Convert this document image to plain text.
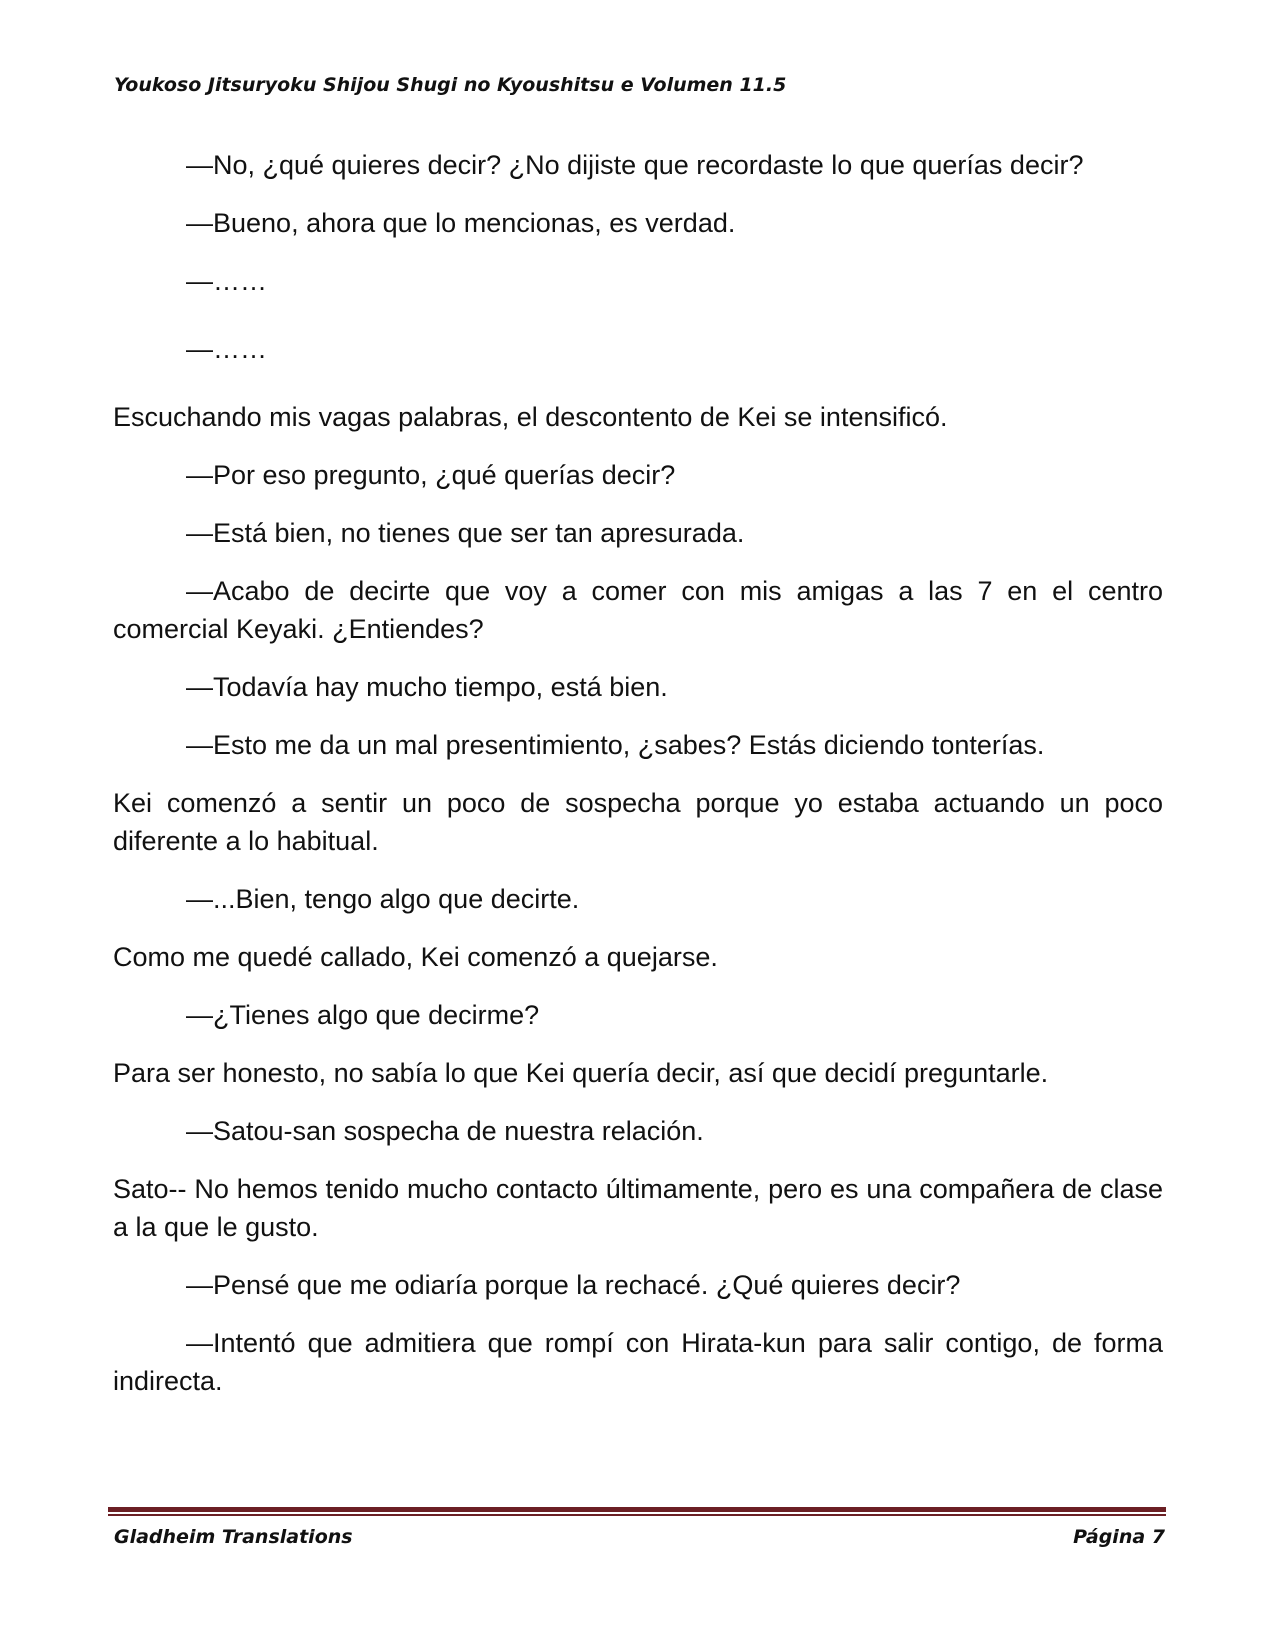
Youkoso Jitsuryoku Shijou Shugi no Kyoushitsu e Volumen 11.5

—No, ¿qué quieres decir? ¿No dijiste que recordaste lo que querías decir?

—Bueno, ahora que lo mencionas, es verdad.

—……

—……

Escuchando mis vagas palabras, el descontento de Kei se intensificó.

—Por eso pregunto, ¿qué querías decir?

—Está bien, no tienes que ser tan apresurada.

—Acabo de decirte que voy a comer con mis amigas a las 7 en el centro comercial Keyaki. ¿Entiendes?

—Todavía hay mucho tiempo, está bien.

—Esto me da un mal presentimiento, ¿sabes? Estás diciendo tonterías.

Kei comenzó a sentir un poco de sospecha porque yo estaba actuando un poco diferente a lo habitual.

—...Bien, tengo algo que decirte.

Como me quedé callado, Kei comenzó a quejarse.

—¿Tienes algo que decirme?

Para ser honesto, no sabía lo que Kei quería decir, así que decidí preguntarle.

—Satou-san sospecha de nuestra relación.

Sato-- No hemos tenido mucho contacto últimamente, pero es una compañera de clase a la que le gusto.

—Pensé que me odiaría porque la rechacé. ¿Qué quieres decir?

—Intentó que admitiera que rompí con Hirata-kun para salir contigo, de forma indirecta.

Gladheim Translations	Página 7
